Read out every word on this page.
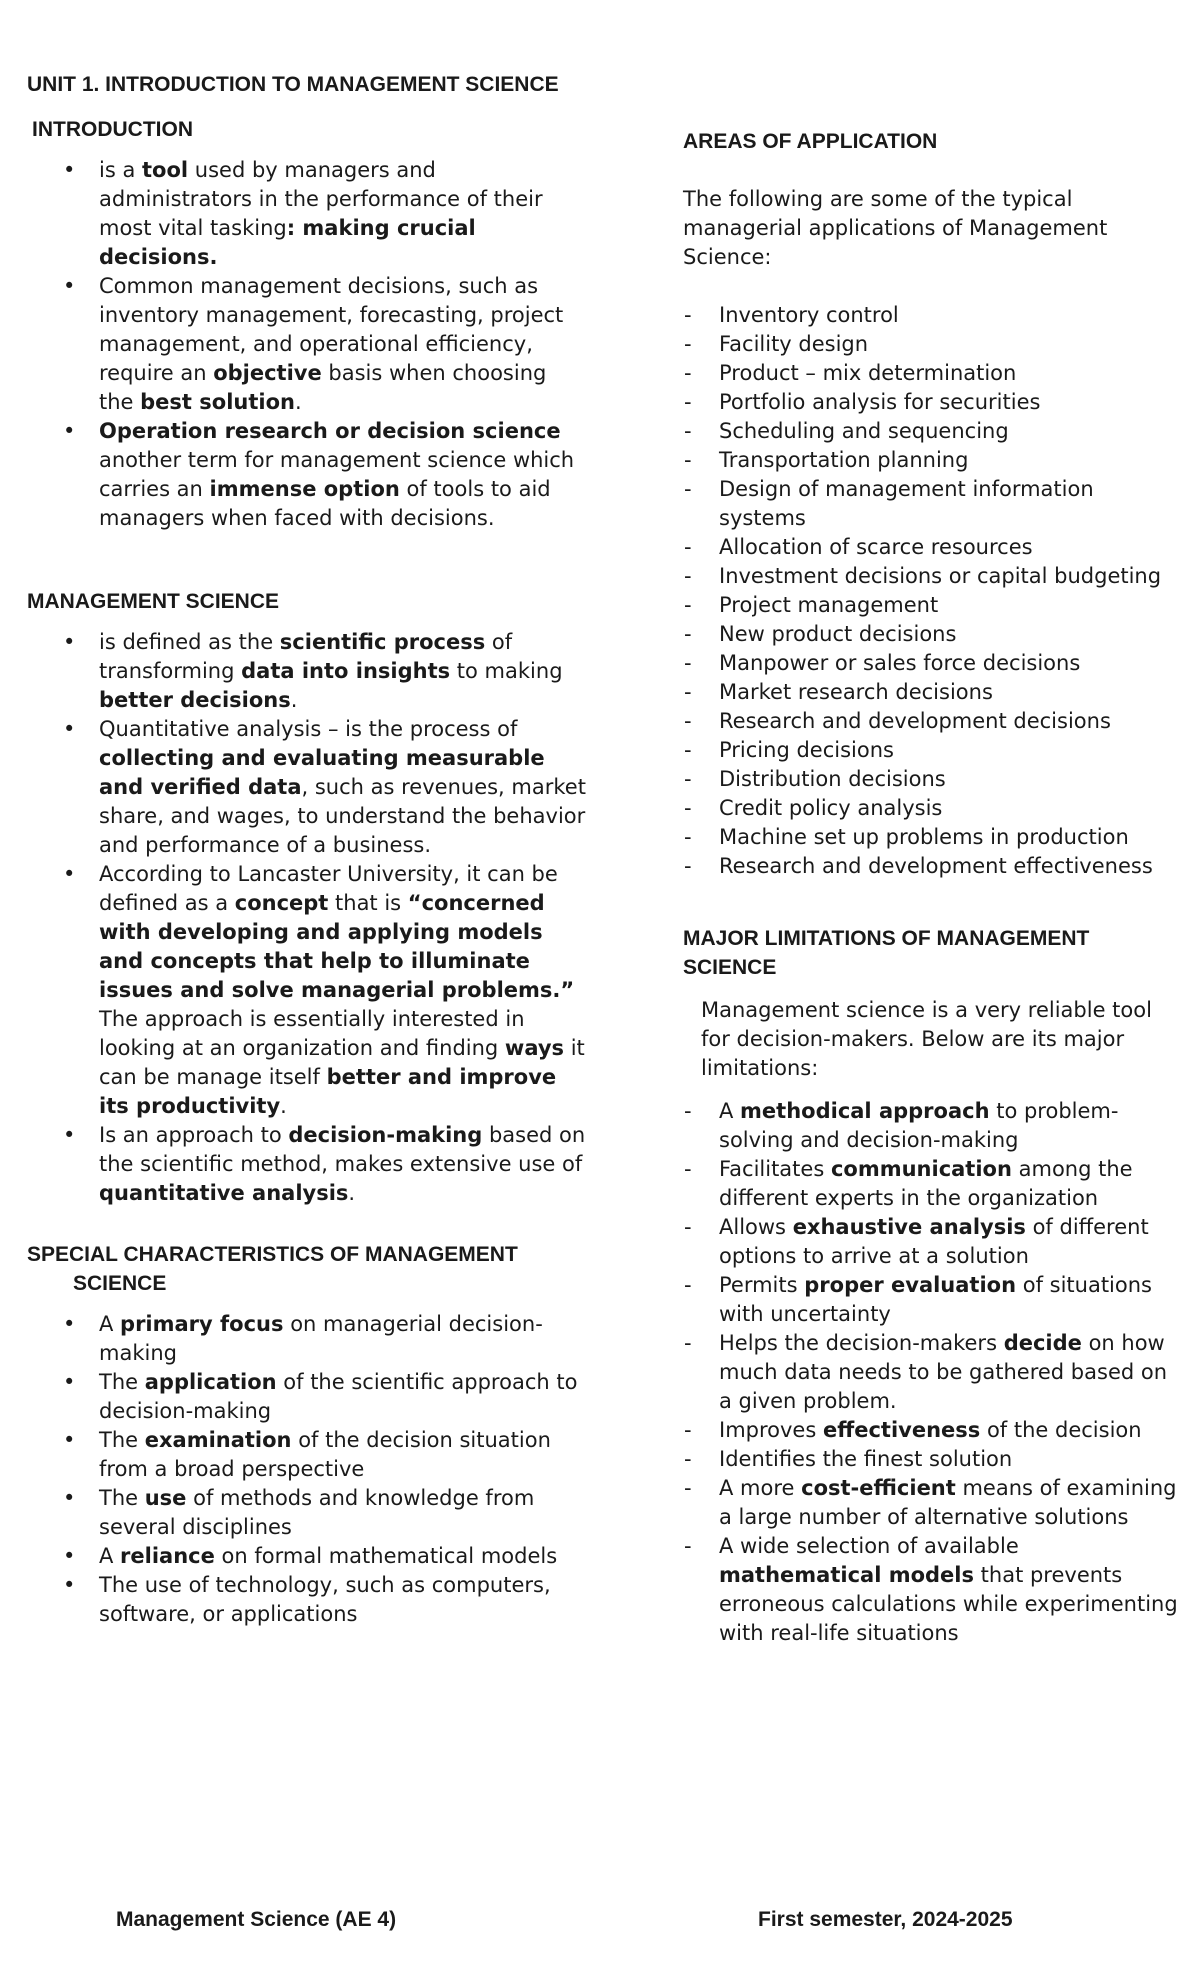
UNIT 1. INTRODUCTION TO MANAGEMENT SCIENCE
INTRODUCTION
• is a tool used by managers and administrators in the performance of their most vital tasking: making crucial decisions.
• Common management decisions, such as inventory management, forecasting, project management, and operational efficiency, require an objective basis when choosing the best solution.
• Operation research or decision science another term for management science which carries an immense option of tools to aid managers when faced with decisions.
MANAGEMENT SCIENCE
• is defined as the scientific process of transforming data into insights to making better decisions.
• Quantitative analysis – is the process of collecting and evaluating measurable and verified data, such as revenues, market share, and wages, to understand the behavior and performance of a business.
• According to Lancaster University, it can be defined as a concept that is “concerned with developing and applying models and concepts that help to illuminate issues and solve managerial problems.” The approach is essentially interested in looking at an organization and finding ways it can be manage itself better and improve its productivity.
• Is an approach to decision-making based on the scientific method, makes extensive use of quantitative analysis.
SPECIAL CHARACTERISTICS OF MANAGEMENT SCIENCE
• A primary focus on managerial decision-making
• The application of the scientific approach to decision-making
• The examination of the decision situation from a broad perspective
• The use of methods and knowledge from several disciplines
• A reliance on formal mathematical models
• The use of technology, such as computers, software, or applications
AREAS OF APPLICATION

The following are some of the typical managerial applications of Management Science:

- Inventory control
- Facility design
- Product – mix determination
- Portfolio analysis for securities
- Scheduling and sequencing
- Transportation planning
- Design of management information systems
- Allocation of scarce resources
- Investment decisions or capital budgeting
- Project management
- New product decisions
- Manpower or sales force decisions
- Market research decisions
- Research and development decisions
- Pricing decisions
- Distribution decisions
- Credit policy analysis
- Machine set up problems in production
- Research and development effectiveness
MAJOR LIMITATIONS OF MANAGEMENT SCIENCE

Management science is a very reliable tool for decision-makers. Below are its major limitations:

- A methodical approach to problem-solving and decision-making
- Facilitates communication among the different experts in the organization
- Allows exhaustive analysis of different options to arrive at a solution
- Permits proper evaluation of situations with uncertainty
- Helps the decision-makers decide on how much data needs to be gathered based on a given problem.
- Improves effectiveness of the decision
- Identifies the finest solution
- A more cost-efficient means of examining a large number of alternative solutions
- A wide selection of available mathematical models that prevents erroneous calculations while experimenting with real-life situations
Management Science (AE 4)	First semester, 2024-2025
